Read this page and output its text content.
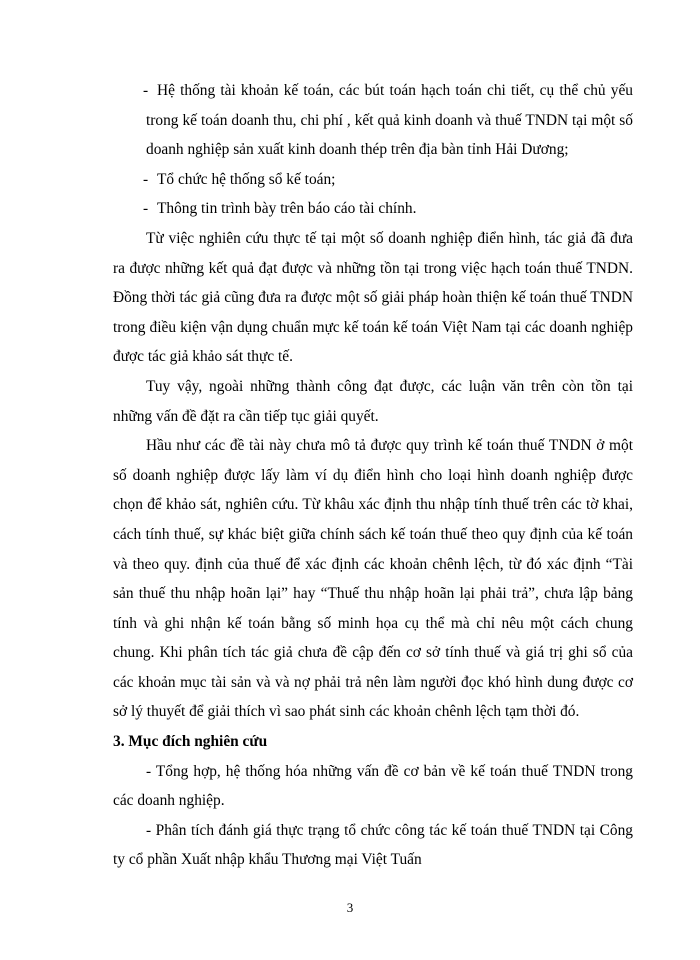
- Hệ thống tài khoản kế toán, các bút toán hạch toán chi tiết, cụ thể chủ yếu trong kế toán doanh thu, chi phí , kết quả kinh doanh và thuế TNDN tại một số doanh nghiệp sản xuất kinh doanh thép trên địa bàn tỉnh Hải Dương;

- Tổ chức hệ thống sổ kế toán;

- Thông tin trình bày trên báo cáo tài chính.

Từ việc nghiên cứu thực tế tại một số doanh nghiệp điển hình, tác giả đã đưa ra được những kết quả đạt được và những tồn tại trong việc hạch toán thuế TNDN. Đồng thời tác giả cũng đưa ra được một số giải pháp hoàn thiện kế toán thuế TNDN trong điều kiện vận dụng chuẩn mực kế toán kế toán Việt Nam tại các doanh nghiệp được tác giả khảo sát thực tế.

Tuy vậy, ngoài những thành công đạt được, các luận văn trên còn tồn tại những vấn đề đặt ra cần tiếp tục giải quyết.

Hầu như các đề tài này chưa mô tả được quy trình kế toán thuế TNDN ở một số doanh nghiệp được lấy làm ví dụ điển hình cho loại hình doanh nghiệp được chọn để khảo sát, nghiên cứu. Từ khâu xác định thu nhập tính thuế trên các tờ khai, cách tính thuế, sự khác biệt giữa chính sách kế toán thuế theo quy định của kế toán và theo quy. định của thuế để xác định các khoản chênh lệch, từ đó xác định “Tài sản thuế thu nhập hoãn lại” hay “Thuế thu nhập hoãn lại phải trả”, chưa lập bảng tính và ghi nhận kế toán bằng số minh họa cụ thể mà chỉ nêu một cách chung chung. Khi phân tích tác giả chưa đề cập đến cơ sở tính thuế và giá trị ghi sổ của các khoản mục tài sản và và nợ phải trả nên làm người đọc khó hình dung được cơ sở lý thuyết để giải thích vì sao phát sinh các khoản chênh lệch tạm thời đó.

3. Mục đích nghiên cứu

- Tổng hợp, hệ thống hóa những vấn đề cơ bản về kế toán thuế TNDN trong các doanh nghiệp.

- Phân tích đánh giá thực trạng tổ chức công tác kế toán thuế TNDN tại Công ty cổ phần Xuất nhập khẩu Thương mại Việt Tuấn

3
